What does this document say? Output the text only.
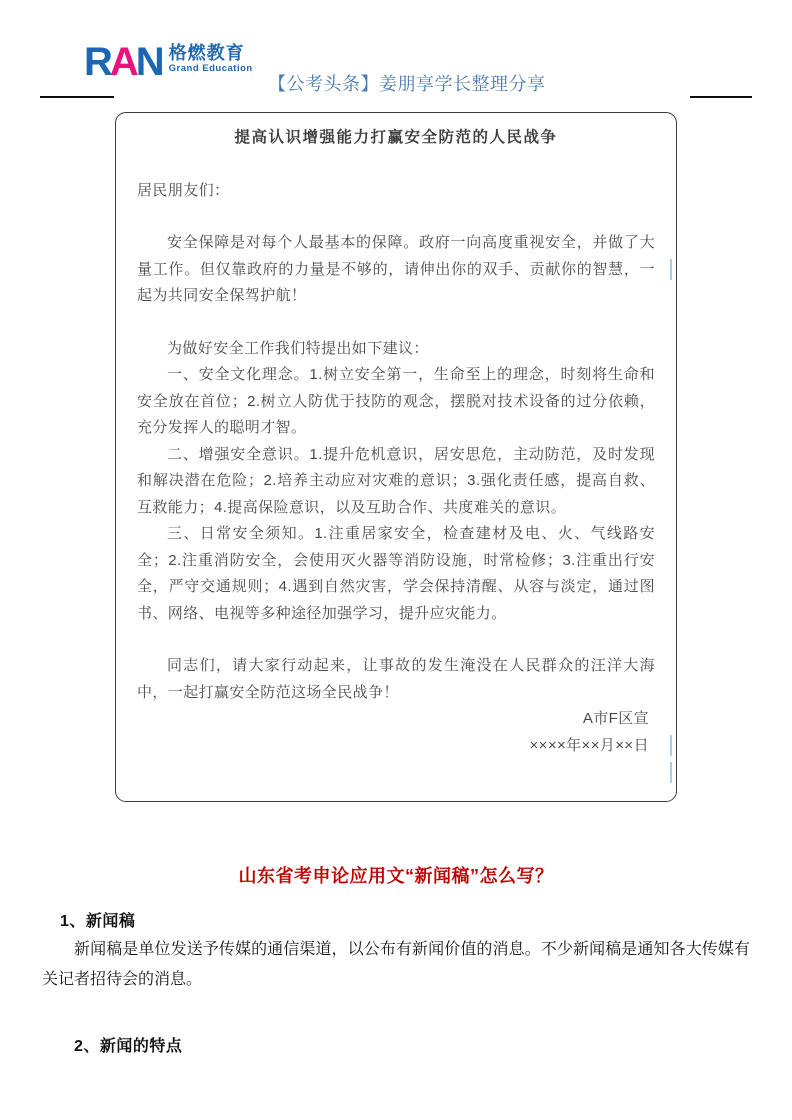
RAN 格燃教育
Grand Education
【公考头条】姜朋享学长整理分享
提高认识增强能力打赢安全防范的人民战争

居民朋友们：

安全保障是对每个人最基本的保障。政府一向高度重视安全，并做了大量工作。但仅靠政府的力量是不够的，请伸出你的双手、贡献你的智慧，一起为共同安全保驾护航！

为做好安全工作我们特提出如下建议：

一、安全文化理念。1.树立安全第一，生命至上的理念，时刻将生命和安全放在首位；2.树立人防优于技防的观念，摆脱对技术设备的过分依赖，充分发挥人的聪明才智。

二、增强安全意识。1.提升危机意识，居安思危，主动防范，及时发现和解决潜在危险；2.培养主动应对灾难的意识；3.强化责任感，提高自救、互救能力；4.提高保险意识，以及互助合作、共度难关的意识。

三、日常安全须知。1.注重居家安全，检查建材及电、火、气线路安全；2.注重消防安全，会使用灭火器等消防设施，时常检修；3.注重出行安全，严守交通规则；4.遇到自然灾害，学会保持清醒、从容与淡定，通过图书、网络、电视等多种途径加强学习，提升应灾能力。

同志们，请大家行动起来，让事故的发生淹没在人民群众的汪洋大海中，一起打赢安全防范这场全民战争！

A市F区宣

××××年××月××日

山东省考申论应用文“新闻稿”怎么写？
1、新闻稿

新闻稿是单位发送予传媒的通信渠道，以公布有新闻价值的消息。不少新闻稿是通知各大传媒有关记者招待会的消息。

2、新闻的特点
